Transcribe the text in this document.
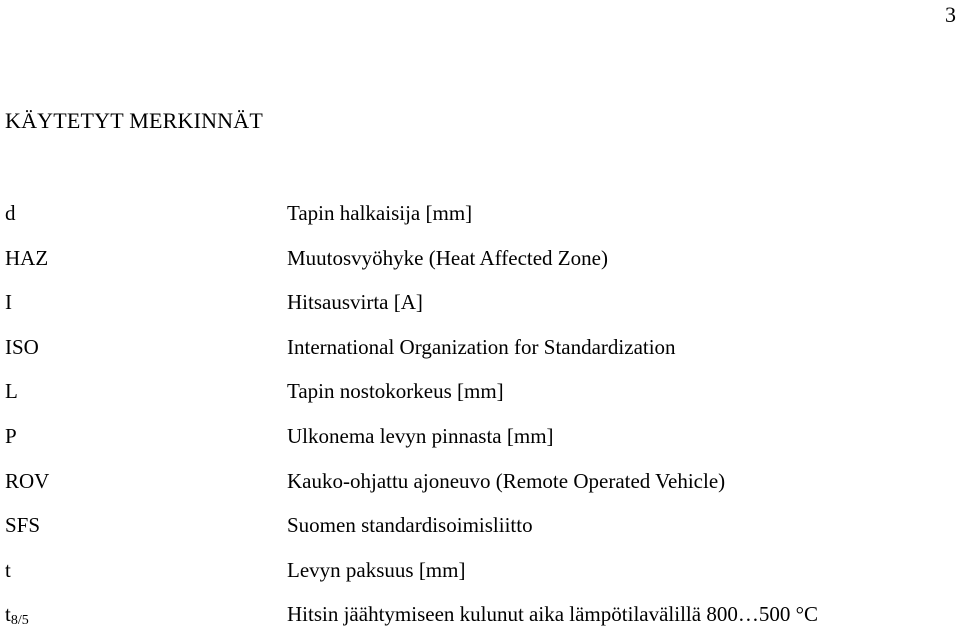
3
KÄYTETYT MERKINNÄT
d	Tapin halkaisija [mm]
HAZ	Muutosvyöhyke (Heat Affected Zone)
I	Hitsausvirta [A]
ISO	International Organization for Standardization
L	Tapin nostokorkeus [mm]
P	Ulkonema levyn pinnasta [mm]
ROV	Kauko-ohjattu ajoneuvo (Remote Operated Vehicle)
SFS	Suomen standardisoimisliitto
t	Levyn paksuus [mm]
$t_{8/5}$	Hitsin jäähtymiseen kulunut aika lämpötilavälillä 800…500 °C
